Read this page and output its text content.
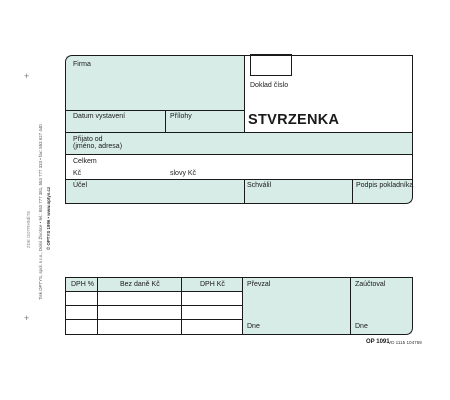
Tisk OPTYS, spol. s r.o., Dolní Životice • tel.: 553 777 381, 553 777 333 • fax: 553 627 440 © OPTYS 1996 • www.optys.cz
ZDE ODTRHNĚTE
+
+
Firma
Doklad číslo
Datum vystavení	Přílohy	STVRZENKA
Přijato od
(jméno, adresa)
Celkem
Kč	slovy Kč
Účel	Schválil	Podpis pokladníka
DPH %	Bez daně Kč	DPH Kč	Převzal
Dne
Zaúčtoval
Dne
OP 1091
VD 1115 104759
